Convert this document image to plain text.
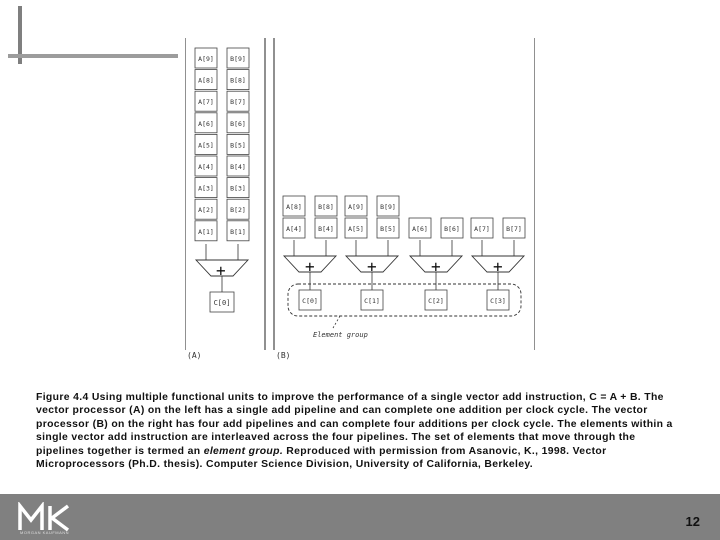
(A)	(B)
A[9]
A[8]
A[7]
A[6]
A[5]
A[4]
A[3]
A[2]
A[1]
B[9]
B[8]
B[7]
B[6]
B[5]
B[4]
B[3]
B[2]
B[1]
+
C[0]
A[8]
A[4]
B[8]
B[4]
+
C[0]
A[9]
A[5]
B[9]
B[5]
+
C[1]
A[6]	B[6]
+
C[2]
A[7]	B[7]
+
C[3]
Element group
Figure 4.4 Using multiple functional units to improve the performance of a single vector add instruction, C = A + B. The vector processor (A) on the left has a single add pipeline and can complete one addition per clock cycle. The vector processor (B) on the right has four add pipelines and can complete four additions per clock cycle. The elements within a single vector add instruction are interleaved across the four pipelines. The set of elements that move through the pipelines together is termed an element group. Reproduced with permission from Asanovic, K., 1998. Vector Microprocessors (Ph.D. thesis). Computer Science Division, University of California, Berkeley.
MORGAN KAUFMANN
12
